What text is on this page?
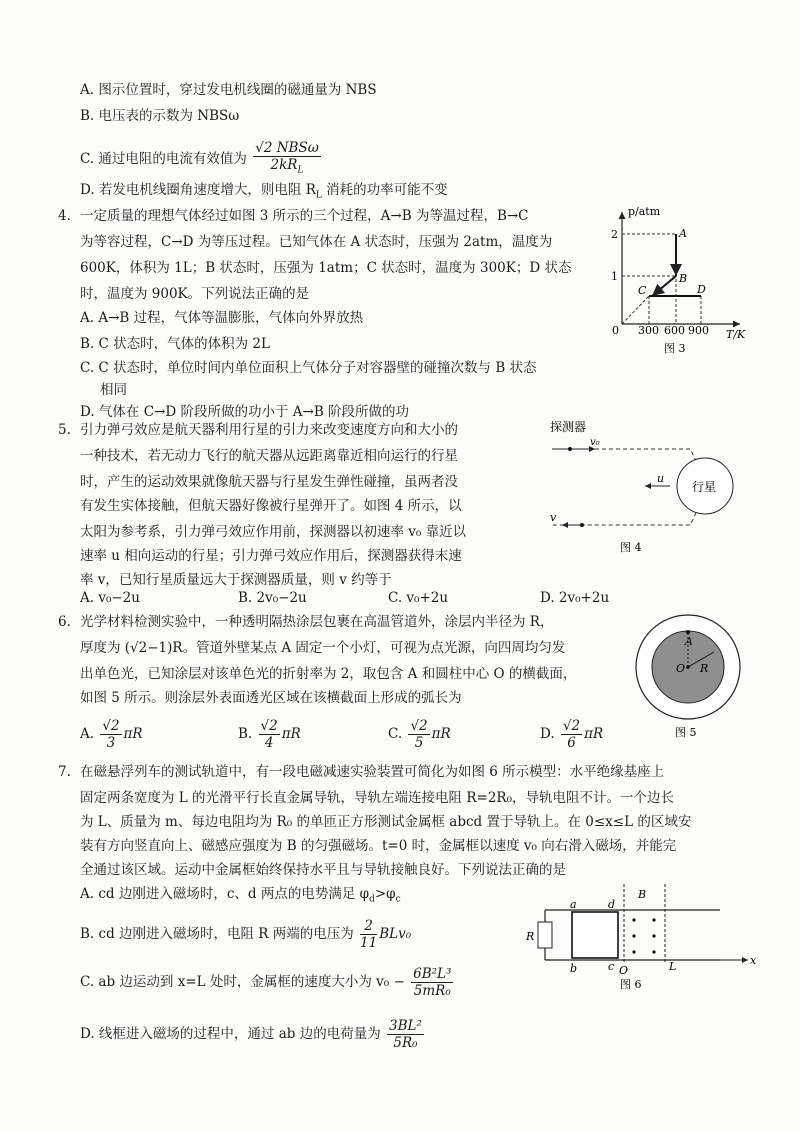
A. 图示位置时，穿过发电机线圈的磁通量为 NBS
B. 电压表的示数为 NBSω
C. 通过电阻的电流有效值为 $\frac{\text{√2 NBSω}}{2kR_L}$
D. 若发电机线圈角速度增大，则电阻 $R_L$ 消耗的功率可能不变
4. 一定质量的理想气体经过如图 3 所示的三个过程，A→B 为等温过程，B→C
为等容过程，C→D 为等压过程。已知气体在 A 状态时，压强为 2atm，温度为
600K，体积为 1L；B 状态时，压强为 1atm；C 状态时，温度为 300K；D 状态
时，温度为 900K。下列说法正确的是
A. A→B 过程，气体等温膨胀，气体向外界放热
B. C 状态时，气体的体积为 2L
C. C 状态时，单位时间内单位面积上气体分子对容器壁的碰撞次数与 B 状态
相同
D. 气体在 C→D 阶段所做的功小于 A→B 阶段所做的功
p/atm
T/K
2
1
0 300 600 900
A
B
C	D
图 3
5. 引力弹弓效应是航天器利用行星的引力来改变速度方向和大小的
一种技术，若无动力飞行的航天器从远距离靠近相向运行的行星
时，产生的运动效果就像航天器与行星发生弹性碰撞，虽两者没
有发生实体接触，但航天器好像被行星弹开了。如图 4 所示，以
太阳为参考系，引力弹弓效应作用前，探测器以初速率 v₀ 靠近以
速率 u 相向运动的行星；引力弹弓效应作用后，探测器获得末速
率 v，已知行星质量远大于探测器质量，则 v 约等于
A. v₀−2u	B. 2v₀−2u	C. v₀+2u	D. 2v₀+2u
探测器
v₀
行星
u
v
图 4
6. 光学材料检测实验中，一种透明隔热涂层包裹在高温管道外，涂层内半径为 R，
厚度为 (√2−1)R。管道外壁某点 A 固定一个小灯，可视为点光源，向四周均匀发
出单色光，已知涂层对该单色光的折射率为 2，取包含 A 和圆柱中心 O 的横截面，
如图 5 所示。则涂层外表面透光区域在该横截面上形成的弧长为
A. $\frac{√2}{3}$ πR	B. $\frac{√2}{4}$ πR	C. $\frac{√2}{5}$ πR	D. $\frac{√2}{6}$ πR
A
O R
图 5
7. 在磁悬浮列车的测试轨道中，有一段电磁减速实验装置可简化为如图 6 所示模型：水平绝缘基座上
固定两条宽度为 L 的光滑平行长直金属导轨，导轨左端连接电阻 R=2R₀，导轨电阻不计。一个边长
为 L、质量为 m、每边电阻均为 R₀ 的单匝正方形测试金属框 abcd 置于导轨上。在 0≤x≤L 的区域安
装有方向竖直向上、磁感应强度为 B 的匀强磁场。t=0 时，金属框以速度 v₀ 向右滑入磁场，并能完
全通过该区域。运动中金属框始终保持水平且与导轨接触良好。下列说法正确的是
A. cd 边刚进入磁场时，c、d 两点的电势满足 $\varphi_d>\varphi_c$
B. cd 边刚进入磁场时，电阻 R 两端的电压为 $\frac{2}{11} BLv_0$
C. ab 边运动到 x=L 处时，金属框的速度大小为 $v_0 - \frac{\text{6B²L³}}{\text{5mR₀}}$
D. 线框进入磁场的过程中，通过 ab 边的电荷量为 $\frac{\text{3BL²}}{\text{5R₀}}$
R
a	d
b	c
B
x
O	L
图 6
